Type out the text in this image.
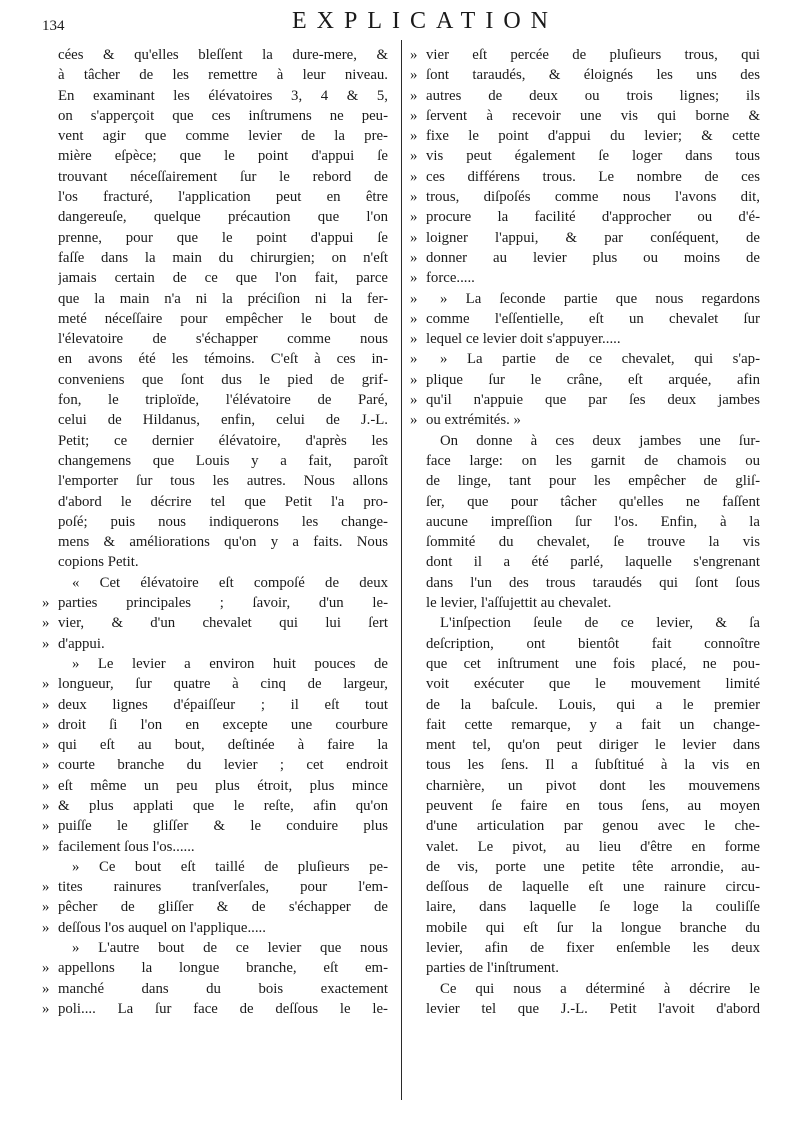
134	EXPLICATION
cées & qu'elles bleſſent la dure-mere, &
à tâcher de les remettre à leur niveau.
En examinant les élévatoires 3, 4 & 5,
on s'apperçoit que ces inſtrumens ne peu-
vent agir que comme levier de la pre-
mière eſpèce; que le point d'appui ſe
trouvant néceſſairement ſur le rebord de
l'os fracturé, l'application peut en être
dangereuſe, quelque précaution que l'on
prenne, pour que le point d'appui ſe
faſſe dans la main du chirurgien; on n'eſt
jamais certain de ce que l'on fait, parce
que la main n'a ni la préciſion ni la fer-
meté néceſſaire pour empêcher le bout de
l'élevatoire de s'échapper comme nous
en avons été les témoins. C'eſt à ces in-
conveniens que ſont dus le pied de grif-
fon, le triploïde, l'élévatoire de Paré,
celui de Hildanus, enfin, celui de J.-L.
Petit; ce dernier élévatoire, d'après les
changemens que Louis y a fait, paroît
l'emporter ſur tous les autres. Nous allons
d'abord le décrire tel que Petit l'a pro-
poſé; puis nous indiquerons les change-
mens & améliorations qu'on y a faits. Nous
copions Petit.
« Cet élévatoire eſt compoſé de deux
» parties principales ; ſavoir, d'un le-
» vier, & d'un chevalet qui lui ſert
» d'appui.
» Le levier a environ huit pouces de
» longueur, ſur quatre à cinq de largeur,
» deux lignes d'épaiſſeur ; il eſt tout
» droit ſi l'on en excepte une courbure
» qui eſt au bout, deſtinée à faire la
» courte branche du levier ; cet endroit
» eſt même un peu plus étroit, plus mince
» & plus applati que le reſte, afin qu'on
» puiſſe le gliſſer & le conduire plus
» facilement ſous l'os......
» Ce bout eſt taillé de pluſieurs pe-
» tites rainures tranſverſales, pour l'em-
» pêcher de gliſſer & de s'échapper de
» deſſous l'os auquel on l'applique.....
» L'autre bout de ce levier que nous
» appellons la longue branche, eſt em-
» manché dans du bois exactement
» poli.... La ſur face de deſſous le le-
» vier eſt percée de pluſieurs trous, qui
» ſont taraudés, & éloignés les uns des
» autres de deux ou trois lignes; ils
» ſervent à recevoir une vis qui borne &
» fixe le point d'appui du levier; & cette
» vis peut également ſe loger dans tous
» ces différens trous. Le nombre de ces
» trous, diſpoſés comme nous l'avons dit,
» procure la facilité d'approcher ou d'é-
» loigner l'appui, & par conſéquent, de
» donner au levier plus ou moins de
» force.....
» » La ſeconde partie que nous regardons
» comme l'eſſentielle, eſt un chevalet ſur
» lequel ce levier doit s'appuyer.....
» » La partie de ce chevalet, qui s'ap-
» plique ſur le crâne, eſt arquée, afin
» qu'il n'appuie que par ſes deux jambes
» ou extrémités. »
On donne à ces deux jambes une ſur-
face large: on les garnit de chamois ou
de linge, tant pour les empêcher de gliſ-
ſer, que pour tâcher qu'elles ne faſſent
aucune impreſſion ſur l'os. Enfin, à la
ſommité du chevalet, ſe trouve la vis
dont il a été parlé, laquelle s'engrenant
dans l'un des trous taraudés qui ſont ſous
le levier, l'aſſujettit au chevalet.
L'inſpection ſeule de ce levier, & ſa
deſcription, ont bientôt fait connoître
que cet inſtrument une fois placé, ne pou-
voit exécuter que le mouvement limité
de la baſcule. Louis, qui a le premier
fait cette remarque, y a fait un change-
ment tel, qu'on peut diriger le levier dans
tous les ſens. Il a ſubſtitué à la vis en
charnière, un pivot dont les mouvemens
peuvent ſe faire en tous ſens, au moyen
d'une articulation par genou avec le che-
valet. Le pivot, au lieu d'être en forme
de vis, porte une petite tête arrondie, au-
deſſous de laquelle eſt une rainure circu-
laire, dans laquelle ſe loge la couliſſe
mobile qui eſt ſur la longue branche du
levier, afin de fixer enſemble les deux
parties de l'inſtrument.
Ce qui nous a déterminé à décrire le
levier tel que J.-L. Petit l'avoit d'abord
